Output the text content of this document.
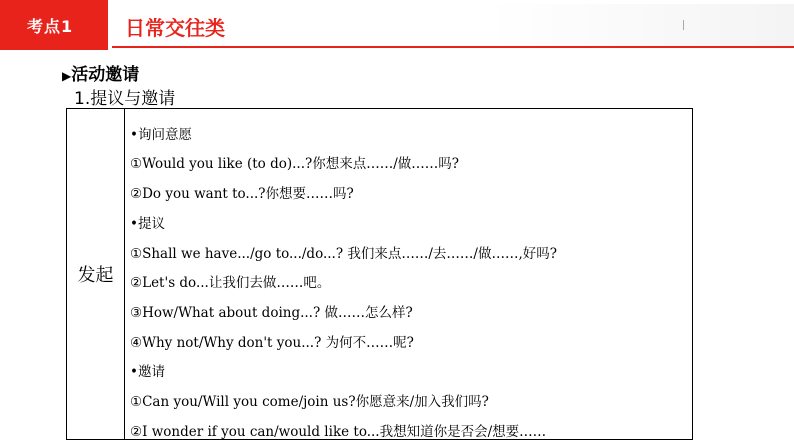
考点1	日常交往类
▶活动邀请
1.提议与邀请
发起
•询问意愿
①Would you like (to do)...?你想来点……/做……吗?
②Do you want to...?你想要……吗?
•提议
①Shall we have.../go to.../do...? 我们来点……/去……/做……,好吗?
②Let's do...让我们去做……吧。
③How/What about doing...? 做……怎么样?
④Why not/Why don't you...? 为何不……呢?
•邀请
①Can you/Will you come/join us?你愿意来/加入我们吗?
②I wonder if you can/would like to...我想知道你是否会/想要……
